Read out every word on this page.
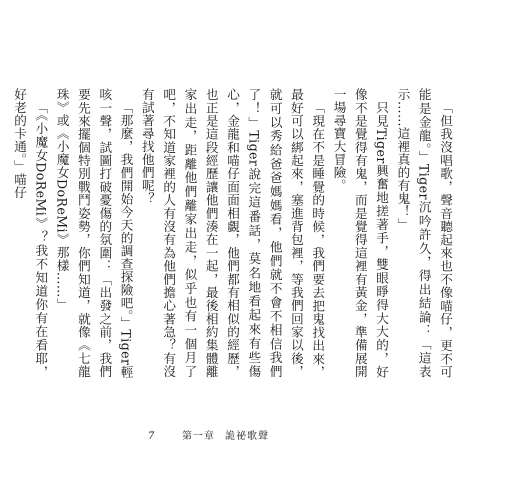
「但我沒唱歌，聲音聽起來也不像喵仔，更不可能是金龍。」Tiger沉吟許久，得出結論：「這表示……這裡真的有鬼！」

只見Tiger興奮地搓著手，雙眼睜得大大的，好像不是覺得有鬼，而是覺得這裡有黃金，準備展開一場尋寶大冒險。

「現在不是睡覺的時候，我們要去把鬼找出來，最好可以綁起來，塞進背包裡，等我們回家以後，就可以秀給爸爸媽媽看，他們就不會不相信我們了！」Tiger說完這番話，莫名地看起來有些傷心，金龍和喵仔面面相覷，他們都有相似的經歷，也正是這段經歷讓他們湊在一起，最後相約集體離家出走，距離他們離家出走，似乎也有一個月了吧，不知道家裡的人有沒有為他們擔心著急？有沒有試著尋找他們呢？

「那麼，我們開始今天的調查探險吧。」Tiger輕咳一聲，試圖打破憂傷的氛圍：「出發之前，我們要先來擺個特別戰鬥姿勢，你們知道，就像《七龍珠》或《小魔女DoReMi》那樣……」

「《小魔女DoReMi》？我不知道你有在看耶，好老的卡通。」喵仔

7	第一章 詭祕歌聲
